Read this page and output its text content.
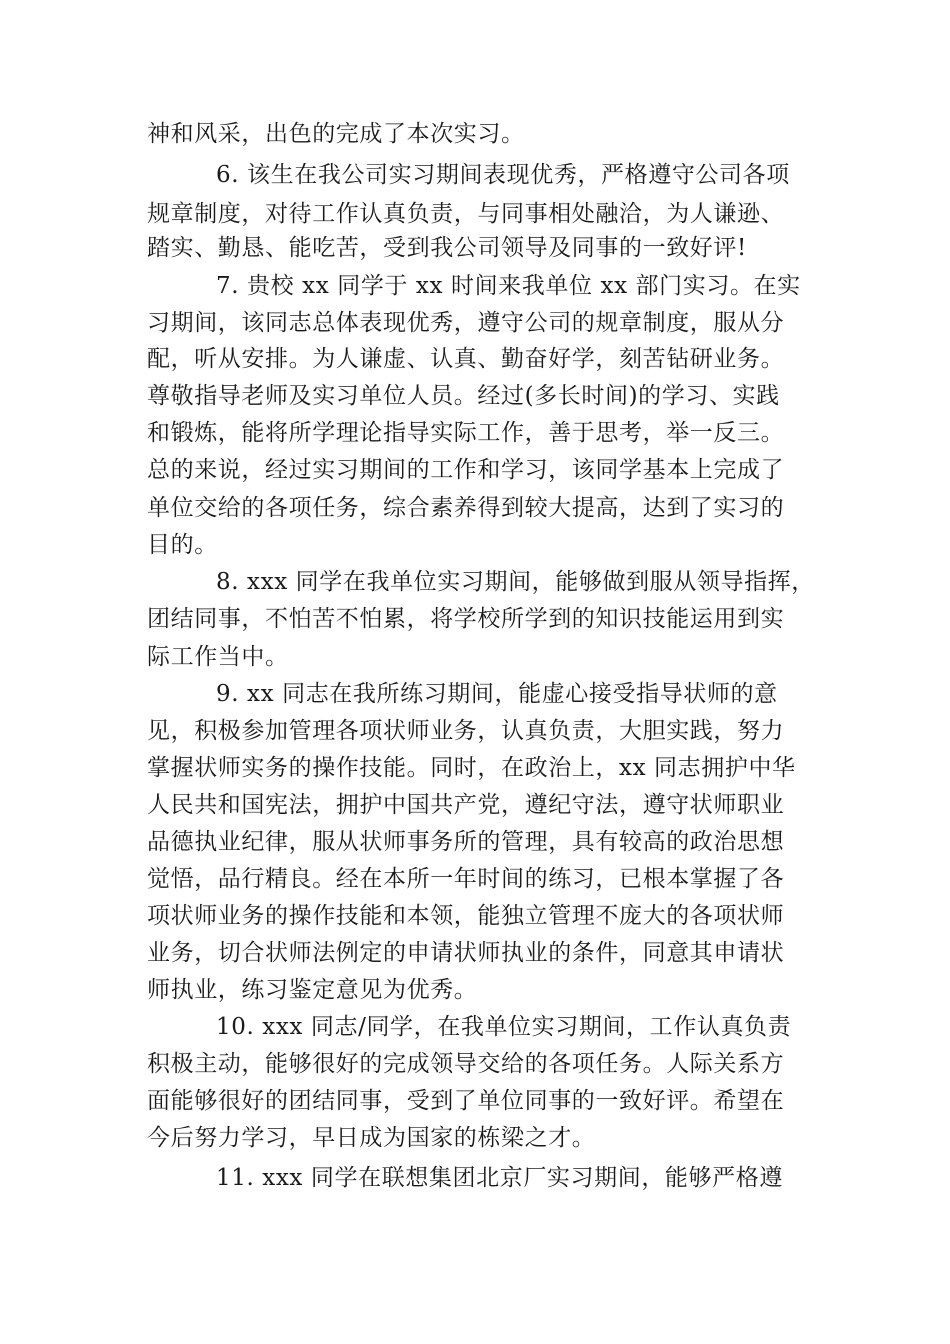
神和风采，出色的完成了本次实习。
6. 该生在我公司实习期间表现优秀，严格遵守公司各项
规章制度，对待工作认真负责，与同事相处融洽，为人谦逊、
踏实、勤恳、能吃苦，受到我公司领导及同事的一致好评!
7. 贵校 xx 同学于 xx 时间来我单位 xx 部门实习。在实
习期间，该同志总体表现优秀，遵守公司的规章制度，服从分
配，听从安排。为人谦虚、认真、勤奋好学，刻苦钻研业务。
尊敬指导老师及实习单位人员。经过(多长时间)的学习、实践
和锻炼，能将所学理论指导实际工作，善于思考，举一反三。
总的来说，经过实习期间的工作和学习，该同学基本上完成了
单位交给的各项任务，综合素养得到较大提高，达到了实习的
目的。
8. xxx 同学在我单位实习期间，能够做到服从领导指挥，
团结同事，不怕苦不怕累，将学校所学到的知识技能运用到实
际工作当中。
9. xx 同志在我所练习期间，能虚心接受指导状师的意
见，积极参加管理各项状师业务，认真负责，大胆实践，努力
掌握状师实务的操作技能。同时，在政治上，xx 同志拥护中华
人民共和国宪法，拥护中国共产党，遵纪守法，遵守状师职业
品德执业纪律，服从状师事务所的管理，具有较高的政治思想
觉悟，品行精良。经在本所一年时间的练习，已根本掌握了各
项状师业务的操作技能和本领，能独立管理不庞大的各项状师
业务，切合状师法例定的申请状师执业的条件，同意其申请状
师执业，练习鉴定意见为优秀。
10. xxx 同志/同学，在我单位实习期间，工作认真负责
积极主动，能够很好的完成领导交给的各项任务。人际关系方
面能够很好的团结同事，受到了单位同事的一致好评。希望在
今后努力学习，早日成为国家的栋梁之才。
11. xxx 同学在联想集团北京厂实习期间，能够严格遵
